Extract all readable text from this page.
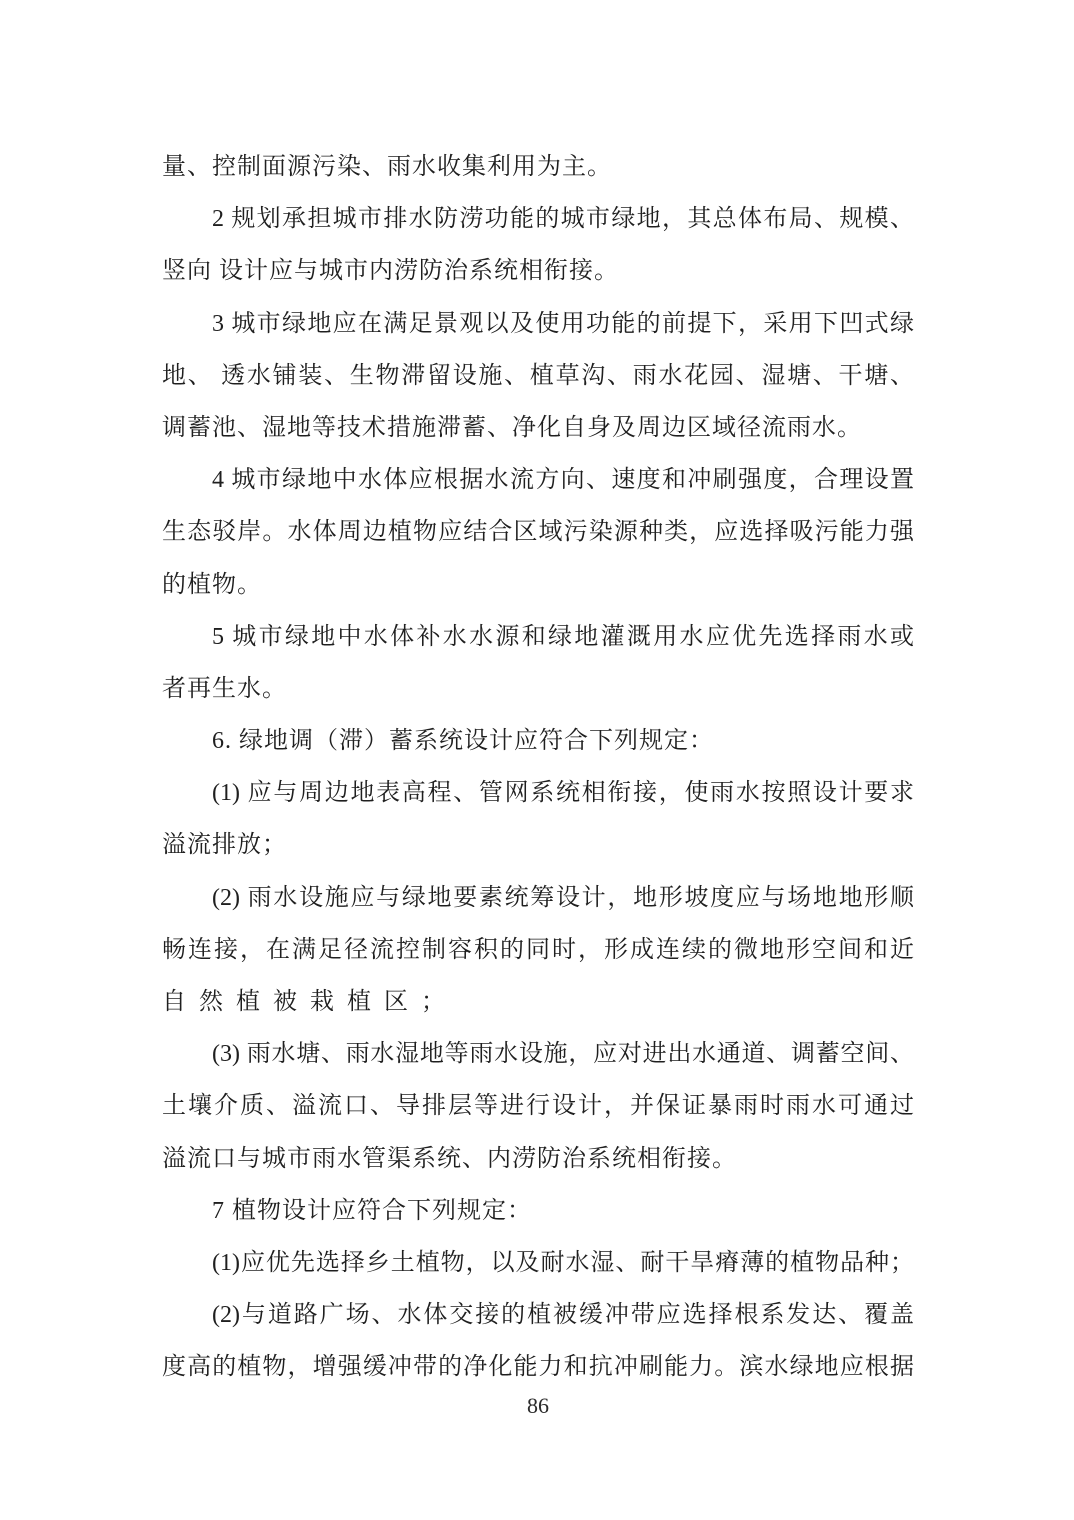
量、控制面源污染、雨水收集利用为主。
2 规划承担城市排水防涝功能的城市绿地，其总体布局、规模、
竖向 设计应与城市内涝防治系统相衔接。
3 城市绿地应在满足景观以及使用功能的前提下，采用下凹式绿
地、 透水铺装、生物滞留设施、植草沟、雨水花园、湿塘、干塘、
调蓄池、湿地等技术措施滞蓄、净化自身及周边区域径流雨水。
4 城市绿地中水体应根据水流方向、速度和冲刷强度，合理设置
生态驳岸。水体周边植物应结合区域污染源种类，应选择吸污能力强
的植物。
5 城市绿地中水体补水水源和绿地灌溉用水应优先选择雨水或
者再生水。
6. 绿地调（滞）蓄系统设计应符合下列规定：
(1) 应与周边地表高程、管网系统相衔接，使雨水按照设计要求
溢流排放；
(2) 雨水设施应与绿地要素统筹设计，地形坡度应与场地地形顺
畅连接，在满足径流控制容积的同时，形成连续的微地形空间和近
自然植被栽植区；
(3) 雨水塘、雨水湿地等雨水设施，应对进出水通道、调蓄空间、
土壤介质、溢流口、导排层等进行设计，并保证暴雨时雨水可通过
溢流口与城市雨水管渠系统、内涝防治系统相衔接。
7 植物设计应符合下列规定：
(1)应优先选择乡土植物，以及耐水湿、耐干旱瘠薄的植物品种；
(2)与道路广场、水体交接的植被缓冲带应选择根系发达、覆盖
度高的植物，增强缓冲带的净化能力和抗冲刷能力。滨水绿地应根据
86
